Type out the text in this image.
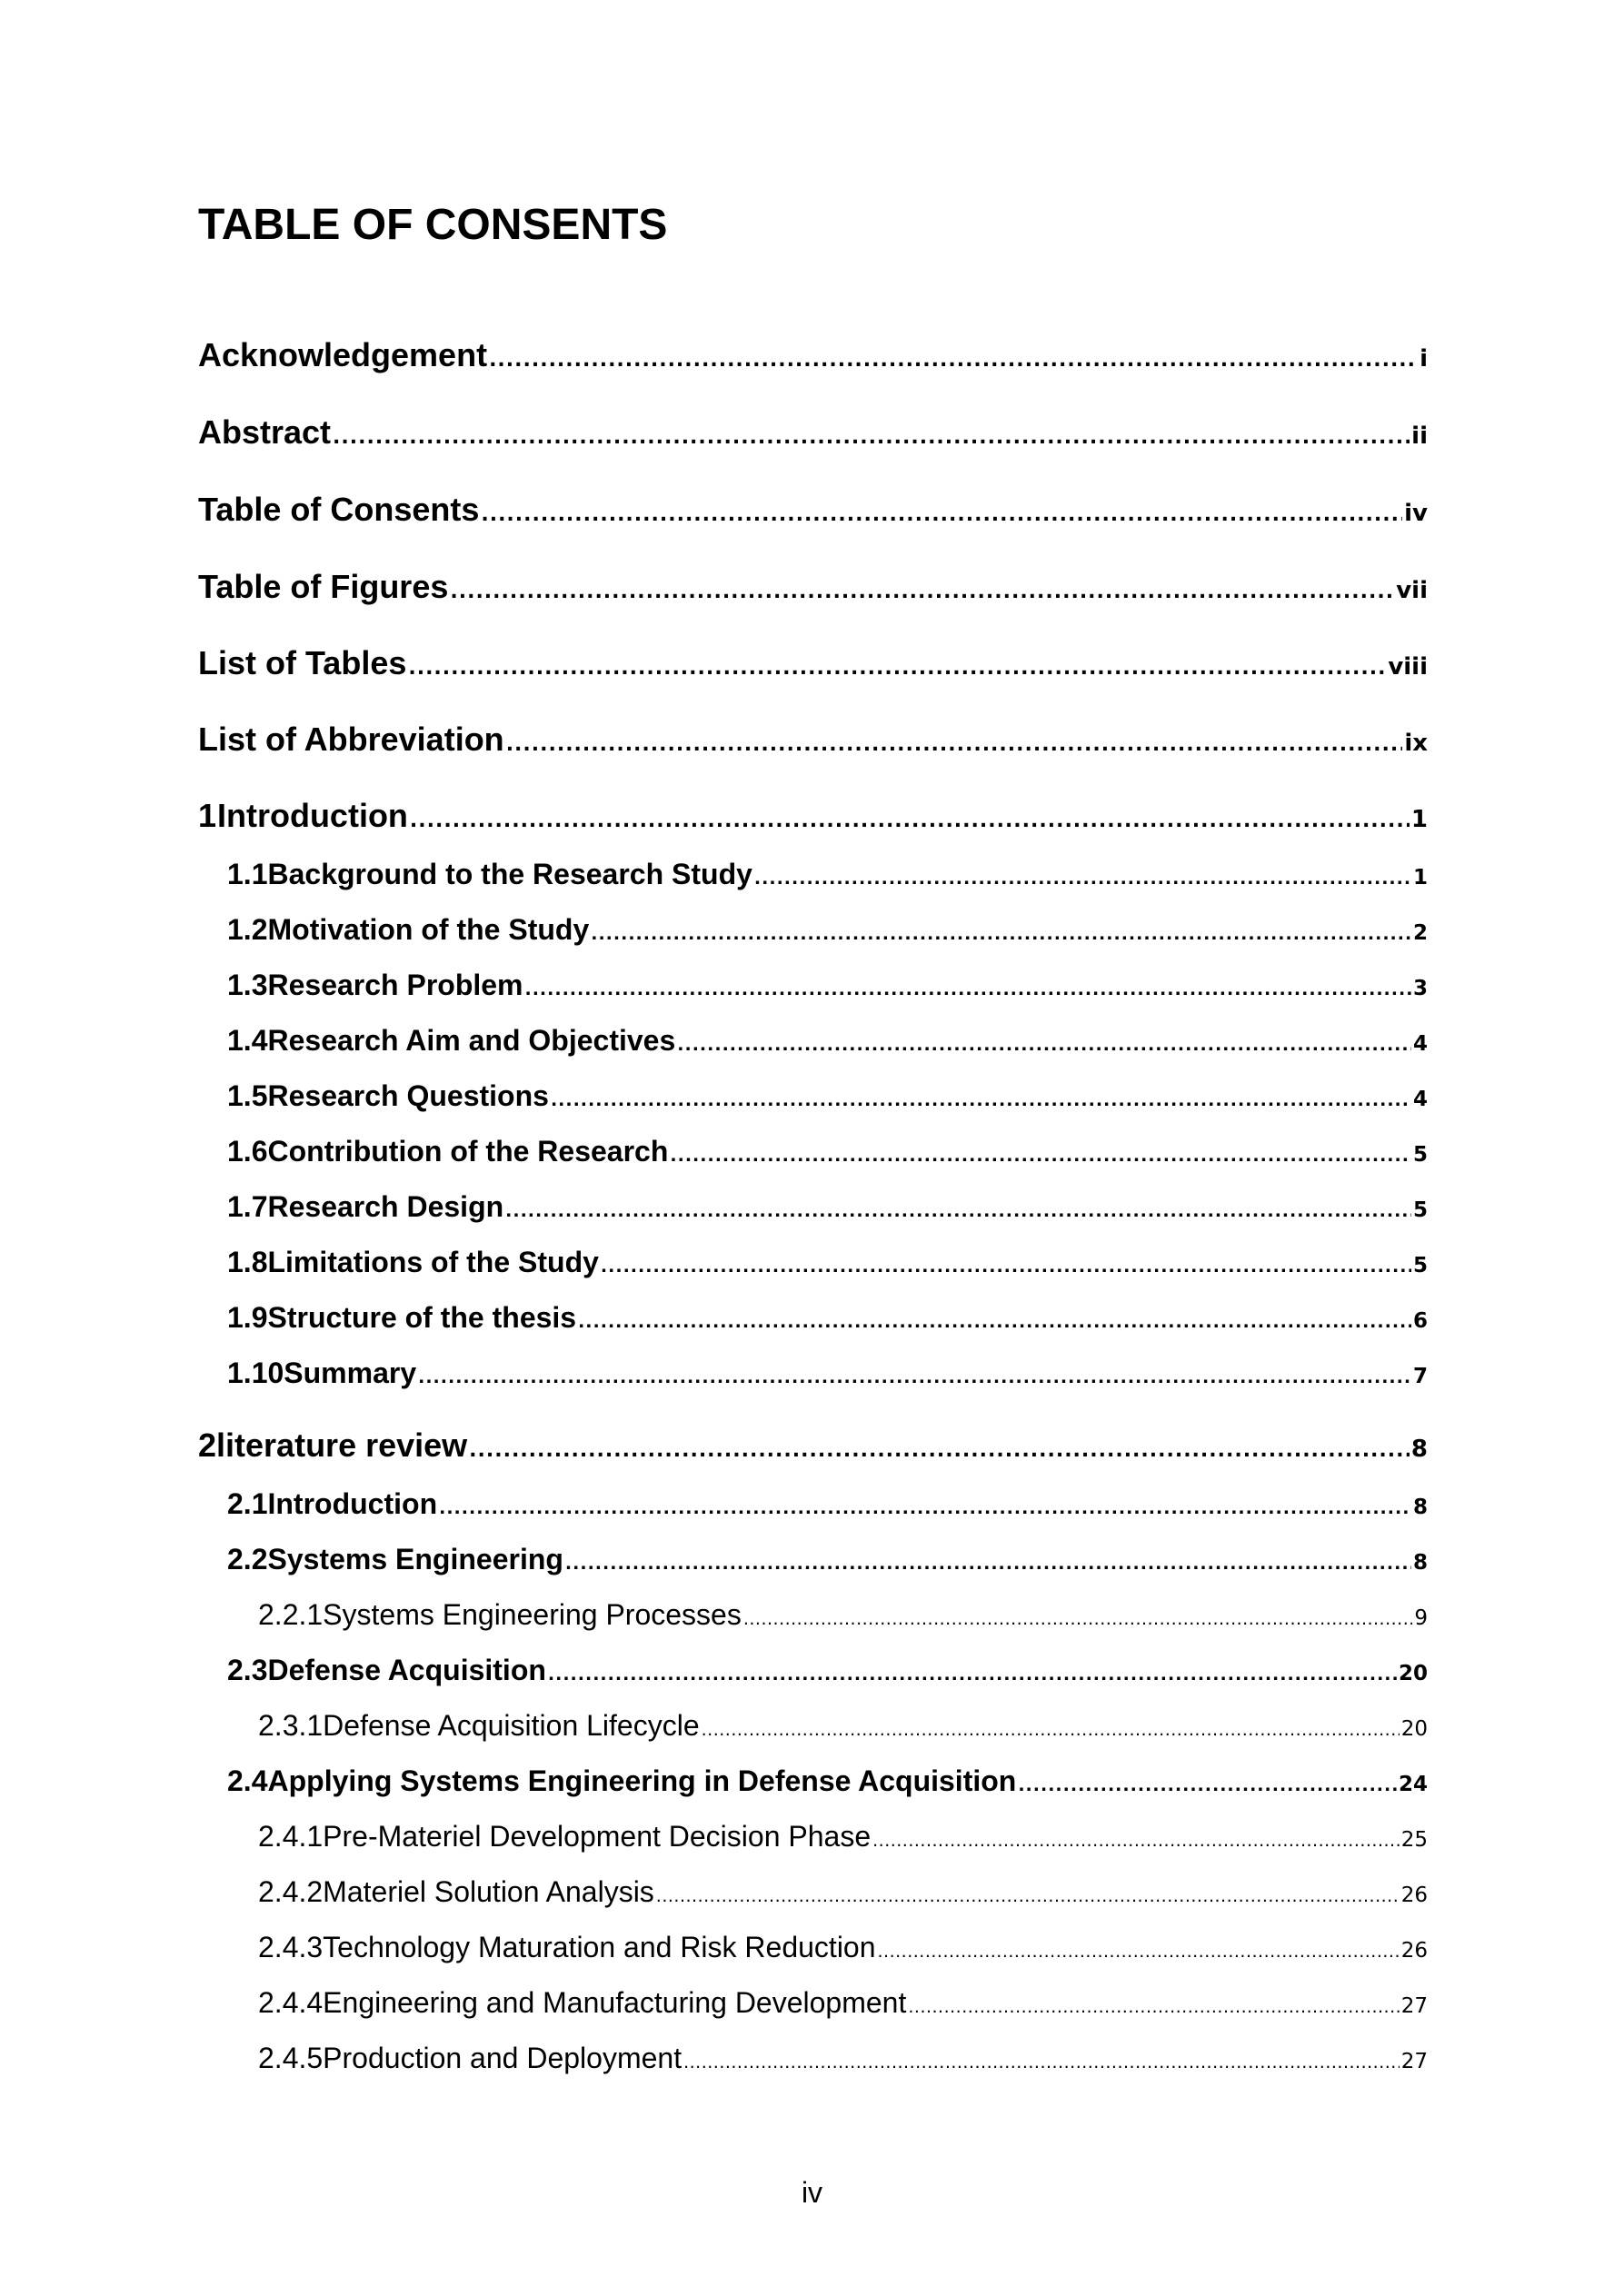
TABLE OF CONSENTS
Acknowledgement .....	i
Abstract .....	ii
Table of Consents .....	iv
Table of Figures .....	vii
List of Tables .....	viii
List of Abbreviation .....	ix
1 Introduction .....	1
1.1 Background to the Research Study .....	1
1.2 Motivation of the Study .....	2
1.3 Research Problem .....	3
1.4 Research Aim and Objectives .....	4
1.5 Research Questions .....	4
1.6 Contribution of the Research .....	5
1.7 Research Design .....	5
1.8 Limitations of the Study .....	5
1.9 Structure of the thesis .....	6
1.10 Summary .....	7
2 literature review .....	8
2.1 Introduction .....	8
2.2 Systems Engineering .....	8
2.2.1 Systems Engineering Processes .....	9
2.3 Defense Acquisition .....	20
2.3.1 Defense Acquisition Lifecycle .....	20
2.4 Applying Systems Engineering in Defense Acquisition .....	24
2.4.1 Pre-Materiel Development Decision Phase .....	25
2.4.2 Materiel Solution Analysis .....	26
2.4.3 Technology Maturation and Risk Reduction .....	26
2.4.4 Engineering and Manufacturing Development .....	27
2.4.5 Production and Deployment .....	27
iv
